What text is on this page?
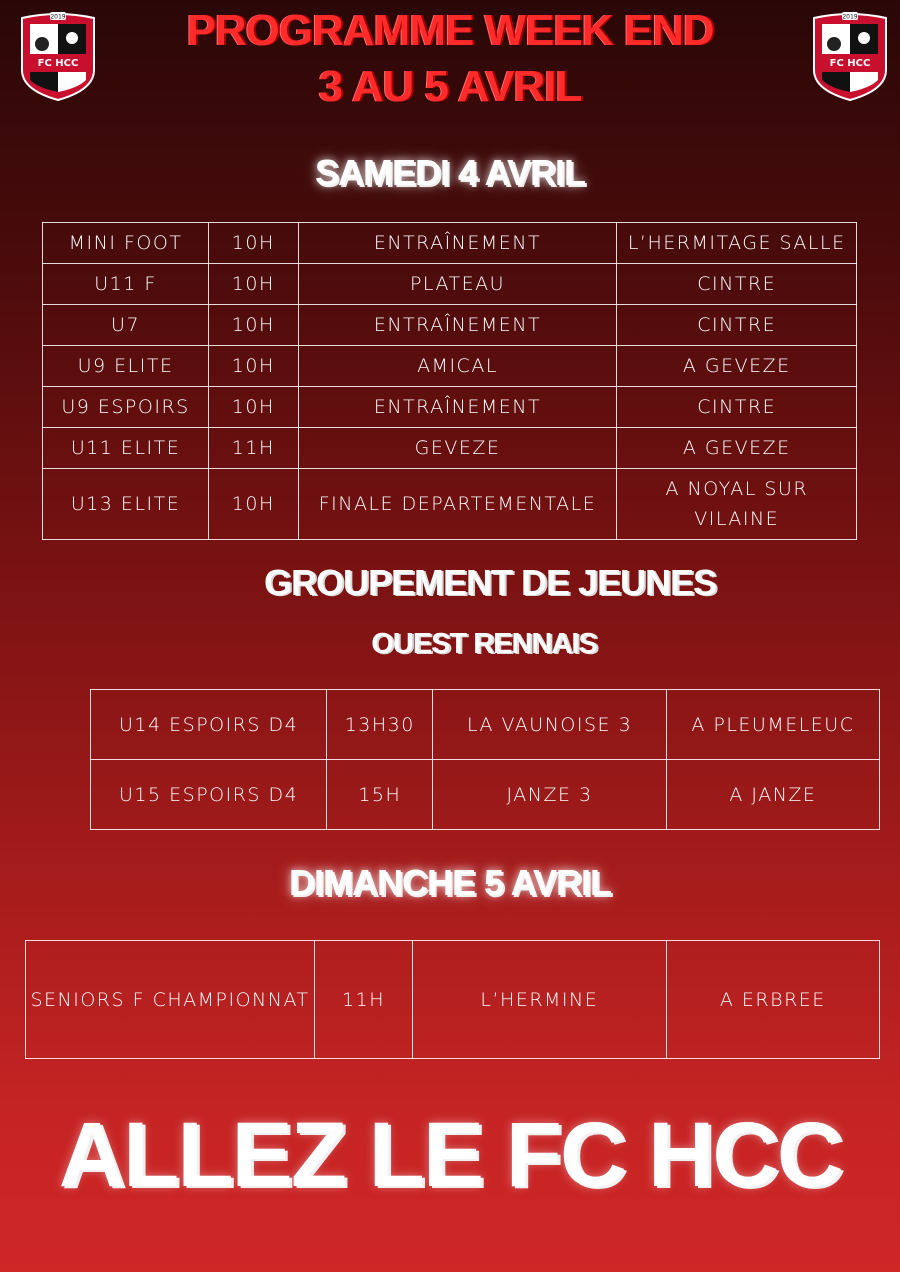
2019
FC HCC
2019
FC HCC
PROGRAMME WEEK END
3 AU 5 AVRIL
SAMEDI 4 AVRIL
MINI FOOT	10H	ENTRAÎNEMENT	L’HERMITAGE SALLE
U11 F	10H	PLATEAU	CINTRE
U7	10H	ENTRAÎNEMENT	CINTRE
U9 ELITE	10H	AMICAL	A GEVEZE
U9 ESPOIRS	10H	ENTRAÎNEMENT	CINTRE
U11 ELITE	11H	GEVEZE	A GEVEZE
U13 ELITE	10H	FINALE DEPARTEMENTALE	A NOYAL SUR VILAINE
GROUPEMENT DE JEUNES
OUEST RENNAIS
U14 ESPOIRS D4	13H30	LA VAUNOISE 3	A PLEUMELEUC
U15 ESPOIRS D4	15H	JANZE 3	A JANZE
DIMANCHE 5 AVRIL
SENIORS F CHAMPIONNAT	11H	L’HERMINE	A ERBREE
ALLEZ LE FC HCC
